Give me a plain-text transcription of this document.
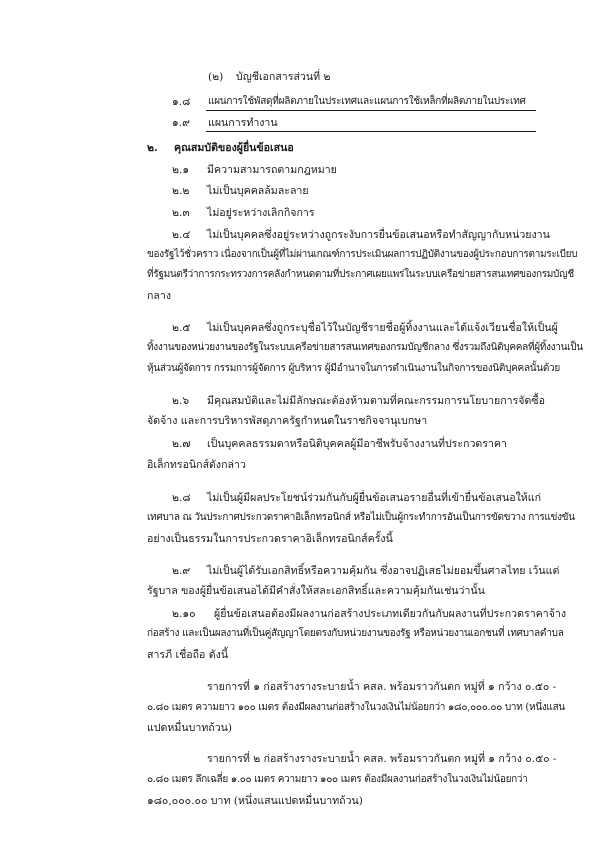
(๒) บัญชีเอกสารส่วนที่ ๒

๑.๘ แผนการใช้พัสดุที่ผลิตภายในประเทศและแผนการใช้เหล็กที่ผลิตภายในประเทศ

๑.๙ แผนการทำงาน

๒. คุณสมบัติของผู้ยื่นข้อเสนอ

๒.๑ มีความสามารถตามกฎหมาย

๒.๒ ไม่เป็นบุคคลล้มละลาย

๒.๓ ไม่อยู่ระหว่างเลิกกิจการ

๒.๔ ไม่เป็นบุคคลซึ่งอยู่ระหว่างถูกระงับการยื่นข้อเสนอหรือทำสัญญากับหน่วยงาน

ของรัฐไว้ชั่วคราว เนื่องจากเป็นผู้ที่ไม่ผ่านเกณฑ์การประเมินผลการปฏิบัติงานของผู้ประกอบการตามระเบียบ

ที่รัฐมนตรีว่าการกระทรวงการคลังกำหนดตามที่ประกาศเผยแพร่ในระบบเครือข่ายสารสนเทศของกรมบัญชี

กลาง

๒.๕ ไม่เป็นบุคคลซึ่งถูกระบุชื่อไว้ในบัญชีรายชื่อผู้ทิ้งงานและได้แจ้งเวียนชื่อให้เป็นผู้

ทิ้งงานของหน่วยงานของรัฐในระบบเครือข่ายสารสนเทศของกรมบัญชีกลาง ซึ่งรวมถึงนิติบุคคลที่ผู้ทิ้งงานเป็น

หุ้นส่วนผู้จัดการ กรรมการผู้จัดการ ผู้บริหาร ผู้มีอำนาจในการดำเนินงานในกิจการของนิติบุคคลนั้นด้วย

๒.๖ มีคุณสมบัติและไม่มีลักษณะต้องห้ามตามที่คณะกรรมการนโยบายการจัดซื้อ

จัดจ้าง และการบริหารพัสดุภาครัฐกำหนดในราชกิจจานุเบกษา

๒.๗ เป็นบุคคลธรรมดาหรือนิติบุคคลผู้มีอาชีพรับจ้างงานที่ประกวดราคา

อิเล็กทรอนิกส์ดังกล่าว

๒.๘ ไม่เป็นผู้มีผลประโยชน์ร่วมกันกับผู้ยื่นข้อเสนอรายอื่นที่เข้ายื่นข้อเสนอให้แก่

เทศบาล ณ วันประกาศประกวดราคาอิเล็กทรอนิกส์ หรือไม่เป็นผู้กระทำการอันเป็นการขัดขวาง การแข่งขัน

อย่างเป็นธรรมในการประกวดราคาอิเล็กทรอนิกส์ครั้งนี้

๒.๙ ไม่เป็นผู้ได้รับเอกสิทธิ์หรือความคุ้มกัน ซึ่งอาจปฏิเสธไม่ยอมขึ้นศาลไทย เว้นแต่

รัฐบาล ของผู้ยื่นข้อเสนอได้มีคำสั่งให้สละเอกสิทธิ์และความคุ้มกันเช่นว่านั้น

๒.๑๐ ผู้ยื่นข้อเสนอต้องมีผลงานก่อสร้างประเภทเดียวกันกับผลงานที่ประกวดราคาจ้าง

ก่อสร้าง และเป็นผลงานที่เป็นคู่สัญญาโดยตรงกับหน่วยงานของรัฐ หรือหน่วยงานเอกชนที่ เทศบาลตำบล

สารภี เชื่อถือ ดังนี้

รายการที่ ๑ ก่อสร้างรางระบายน้ำ คสล. พร้อมราวกันตก หมู่ที่ ๑ กว้าง ๐.๕๐ -

๐.๘๐ เมตร ความยาว ๑๐๐ เมตร ต้องมีผลงานก่อสร้างในวงเงินไม่น้อยกว่า ๑๘๐,๐๐๐.๐๐ บาท (หนึ่งแสน

แปดหมื่นบาทถ้วน)

รายการที่ ๒ ก่อสร้างรางระบายน้ำ คสล. พร้อมราวกันตก หมู่ที่ ๑ กว้าง ๐.๕๐ -

๐.๘๐ เมตร ลึกเฉลี่ย ๑.๐๐ เมตร ความยาว ๑๐๐ เมตร ต้องมีผลงานก่อสร้างในวงเงินไม่น้อยกว่า

๑๘๐,๐๐๐.๐๐ บาท (หนึ่งแสนแปดหมื่นบาทถ้วน)
